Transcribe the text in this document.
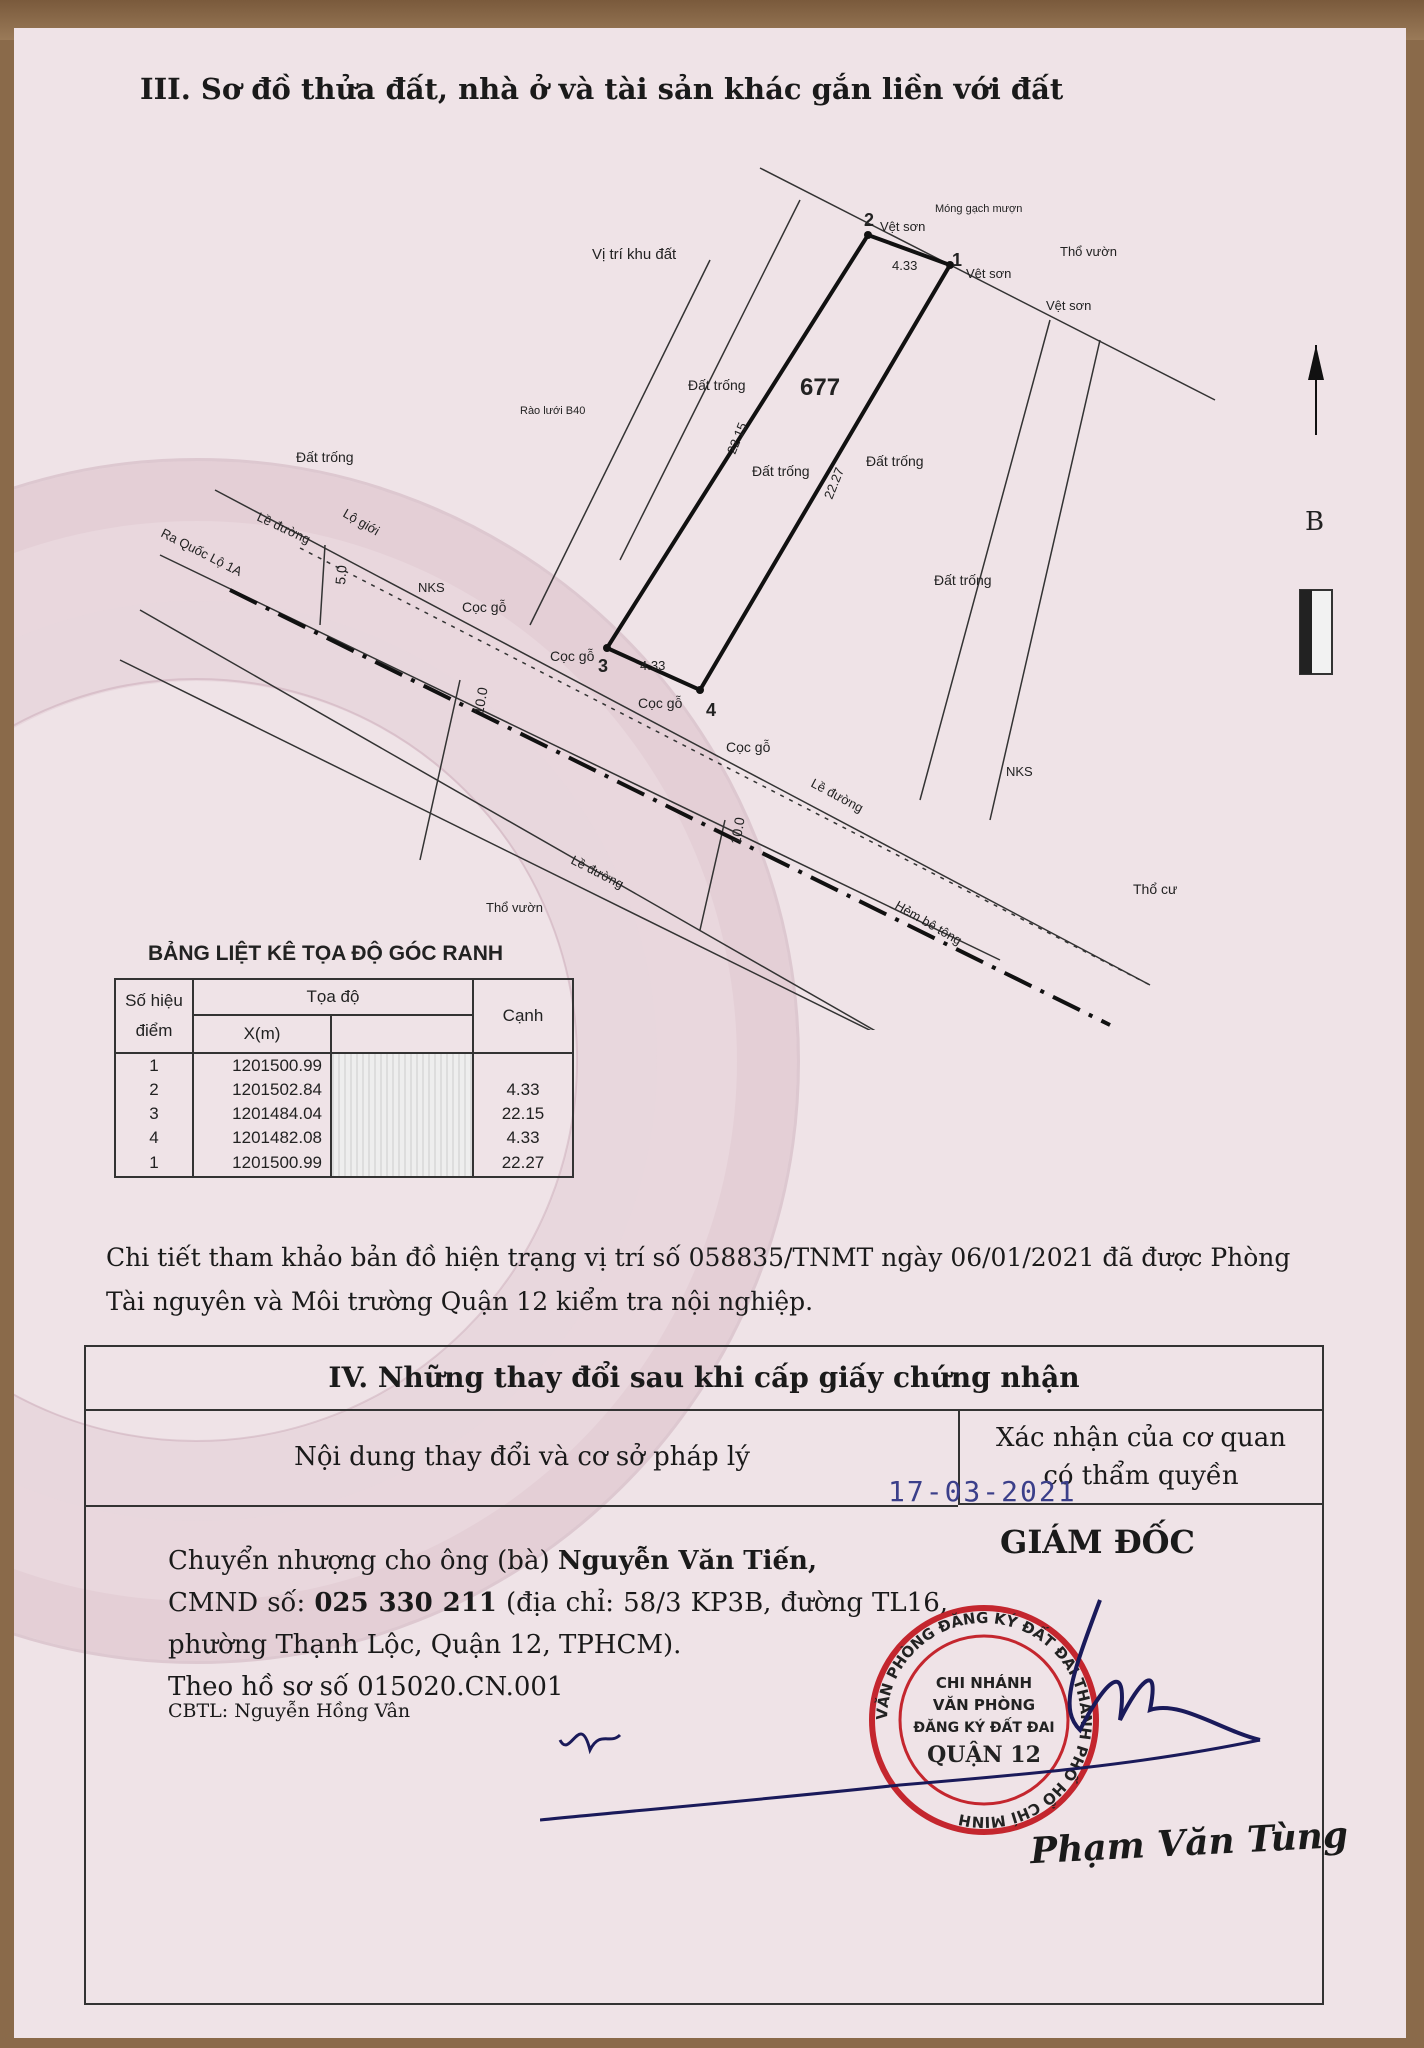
III. Sơ đồ thửa đất, nhà ở và tài sản khác gắn liền với đất
677
2
1
3
4
4.33
4.33
22.15
22.27
5.0
10.0
10.0
Vị trí khu đất
Móng gạch mượn
Vệt sơn
Vệt sơn
Vệt sơn
Thổ vườn
Rào lưới B40
Đất trống
Đất trống
Đất trống
Đất trống
Đất trống
Lề đường Lộ giới
Ra Quốc Lộ 1A
NKS
NKS
Cọc gỗ
Cọc gỗ
Cọc gỗ
Cọc gỗ
Lề đường
Lề đường
Hẻm bê tông
Thổ vườn
Thổ cư
B
BẢNG LIỆT KÊ TỌA ĐỘ GÓC RANH
Số hiệu điểm	Tọa độ		Cạnh
	X(m)		
1	1201500.99		
2	1201502.84		4.33
3	1201484.04		22.15
4	1201482.08		4.33
1	1201500.99		22.27
Chi tiết tham khảo bản đồ hiện trạng vị trí số 058835/TNMT ngày 06/01/2021 đã được Phòng Tài nguyên và Môi trường Quận 12 kiểm tra nội nghiệp.
IV. Những thay đổi sau khi cấp giấy chứng nhận
Nội dung thay đổi và cơ sở pháp lý
Xác nhận của cơ quan có thẩm quyền
Chuyển nhượng cho ông (bà) Nguyễn Văn Tiến,
CMND số: 025 330 211 (địa chỉ: 58/3 KP3B, đường TL16, phường Thạnh Lộc, Quận 12, TPHCM).
Theo hồ sơ số 015020.CN.001
CBTL: Nguyễn Hồng Vân
17-03-2021
GIÁM ĐỐC
VĂN PHÒNG ĐĂNG KÝ ĐẤT ĐAI THÀNH PHỐ HỒ CHÍ MINH
CHI NHÁNH
VĂN PHÒNG
ĐĂNG KÝ ĐẤT ĐAI
QUẬN 12
Phạm Văn Tùng
